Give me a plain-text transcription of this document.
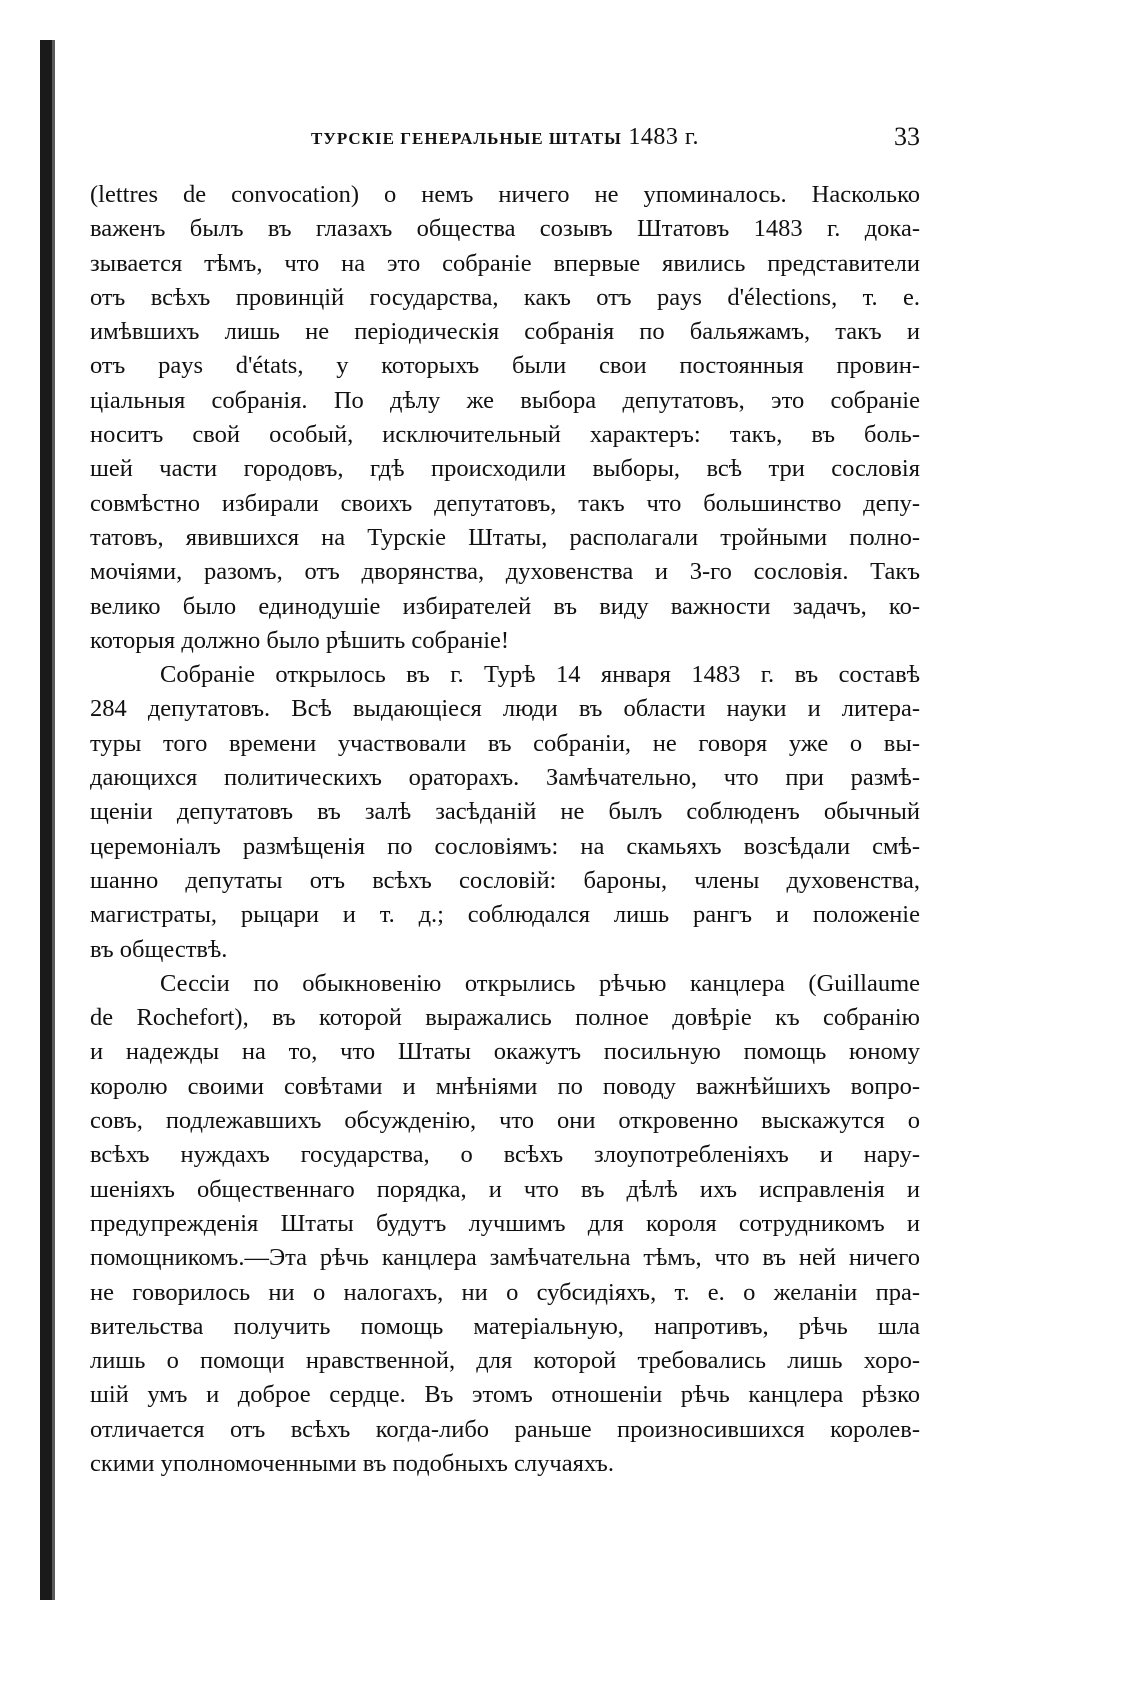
ТУРСКІЕ ГЕНЕРАЛЬНЫЕ ШТАТЫ 1483 г.	33
(lettres de convocation) о немъ ничего не упоминалось. Насколько
важенъ былъ въ глазахъ общества созывъ Штатовъ 1483 г. дока-
зывается тѣмъ, что на это собраніе впервые явились представители
отъ всѣхъ провинцій государства, какъ отъ pays d'élections, т. е.
имѣвшихъ лишь не періодическія собранія по бальяжамъ, такъ и
отъ pays d'états, у которыхъ были свои постоянныя провин-
ціальныя собранія. По дѣлу же выбора депутатовъ, это собраніе
носитъ свой особый, исключительный характеръ: такъ, въ боль-
шей части городовъ, гдѣ происходили выборы, всѣ три сословія
совмѣстно избирали своихъ депутатовъ, такъ что большинство депу-
татовъ, явившихся на Турскіе Штаты, располагали тройными полно-
мочіями, разомъ, отъ дворянства, духовенства и 3-го сословія. Такъ
велико было единодушіе избирателей въ виду важности задачъ, ко-
которыя должно было рѣшить собраніе!
Собраніе открылось въ г. Турѣ 14 января 1483 г. въ составѣ
284 депутатовъ. Всѣ выдающіеся люди въ области науки и литера-
туры того времени участвовали въ собраніи, не говоря уже о вы-
дающихся политическихъ ораторахъ. Замѣчательно, что при размѣ-
щеніи депутатовъ въ залѣ засѣданій не былъ соблюденъ обычный
церемоніалъ размѣщенія по сословіямъ: на скамьяхъ возсѣдали смѣ-
шанно депутаты отъ всѣхъ сословій: бароны, члены духовенства,
магистраты, рыцари и т. д.; соблюдался лишь рангъ и положеніе
въ обществѣ.
Сессіи по обыкновенію открылись рѣчью канцлера (Guillaume
de Rochefort), въ которой выражались полное довѣріе къ собранію
и надежды на то, что Штаты окажутъ посильную помощь юному
королю своими совѣтами и мнѣніями по поводу важнѣйшихъ вопро-
совъ, подлежавшихъ обсужденію, что они откровенно выскажутся о
всѣхъ нуждахъ государства, о всѣхъ злоупотребленіяхъ и нару-
шеніяхъ общественнаго порядка, и что въ дѣлѣ ихъ исправленія и
предупрежденія Штаты будутъ лучшимъ для короля сотрудникомъ и
помощникомъ.—Эта рѣчь канцлера замѣчательна тѣмъ, что въ ней ничего
не говорилось ни о налогахъ, ни о субсидіяхъ, т. е. о желаніи пра-
вительства получить помощь матеріальную, напротивъ, рѣчь шла
лишь о помощи нравственной, для которой требовались лишь хоро-
шій умъ и доброе сердце. Въ этомъ отношеніи рѣчь канцлера рѣзко
отличается отъ всѣхъ когда-либо раньше произносившихся королев-
скими уполномоченными въ подобныхъ случаяхъ.
